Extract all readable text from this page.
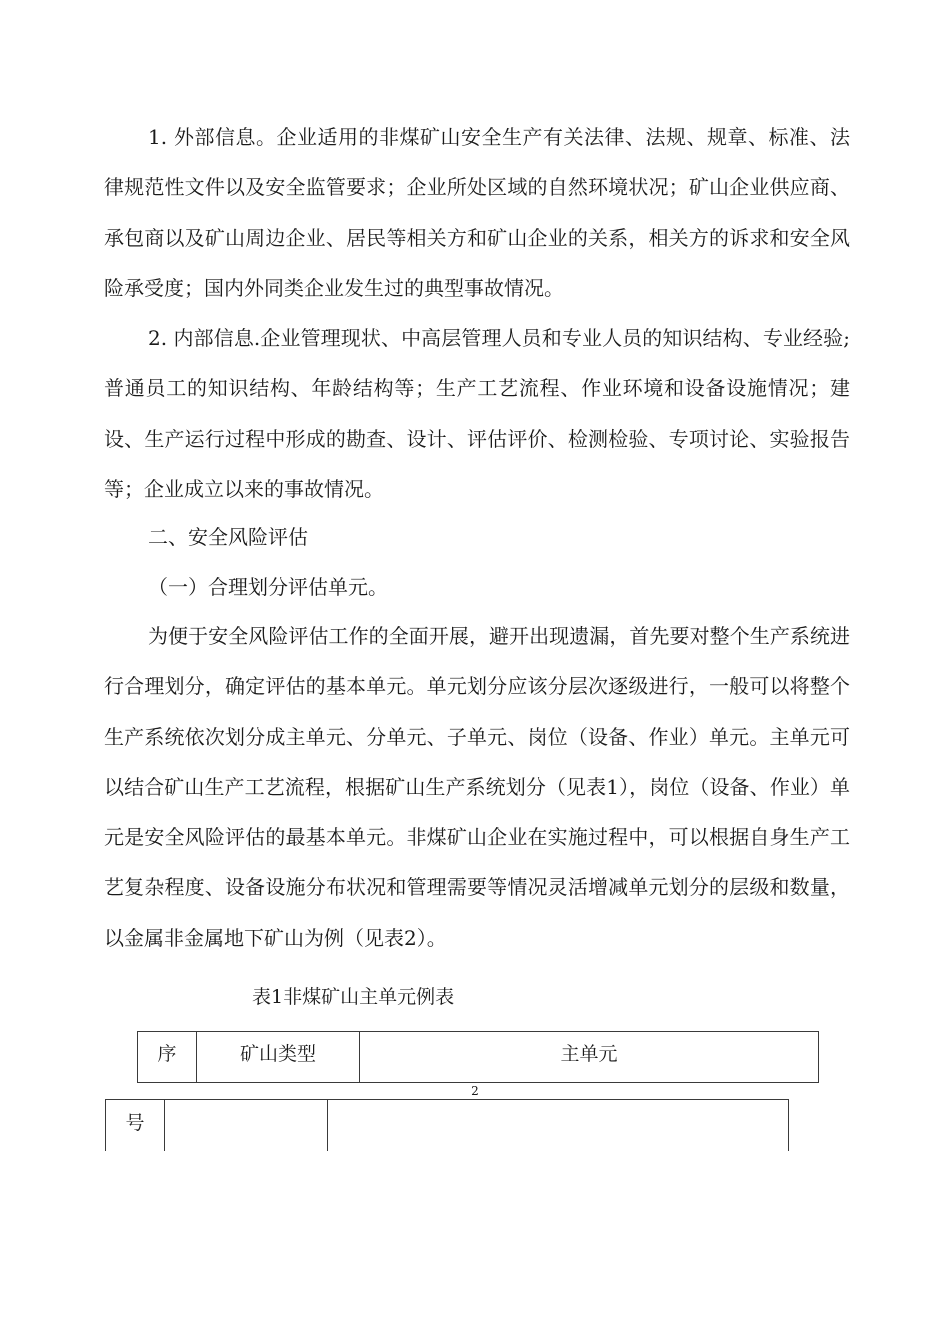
1. 外部信息。企业适用的非煤矿山安全生产有关法律、法规、规章、标准、法律规范性文件以及安全监管要求；企业所处区域的自然环境状况；矿山企业供应商、承包商以及矿山周边企业、居民等相关方和矿山企业的关系，相关方的诉求和安全风险承受度；国内外同类企业发生过的典型事故情况。

2. 内部信息.企业管理现状、中高层管理人员和专业人员的知识结构、专业经验;普通员工的知识结构、年龄结构等；生产工艺流程、作业环境和设备设施情况；建设、生产运行过程中形成的勘查、设计、评估评价、检测检验、专项讨论、实验报告等；企业成立以来的事故情况。

二、安全风险评估

（一）合理划分评估单元。

为便于安全风险评估工作的全面开展，避开出现遗漏，首先要对整个生产系统进行合理划分，确定评估的基本单元。单元划分应该分层次逐级进行，一般可以将整个生产系统依次划分成主单元、分单元、子单元、岗位（设备、作业）单元。主单元可以结合矿山生产工艺流程，根据矿山生产系统划分（见表1），岗位（设备、作业）单元是安全风险评估的最基本单元。非煤矿山企业在实施过程中，可以根据自身生产工艺复杂程度、设备设施分布状况和管理需要等情况灵活增减单元划分的层级和数量，以金属非金属地下矿山为例（见表2）。

表1非煤矿山主单元例表

序	矿山类型	主单元
2
号
